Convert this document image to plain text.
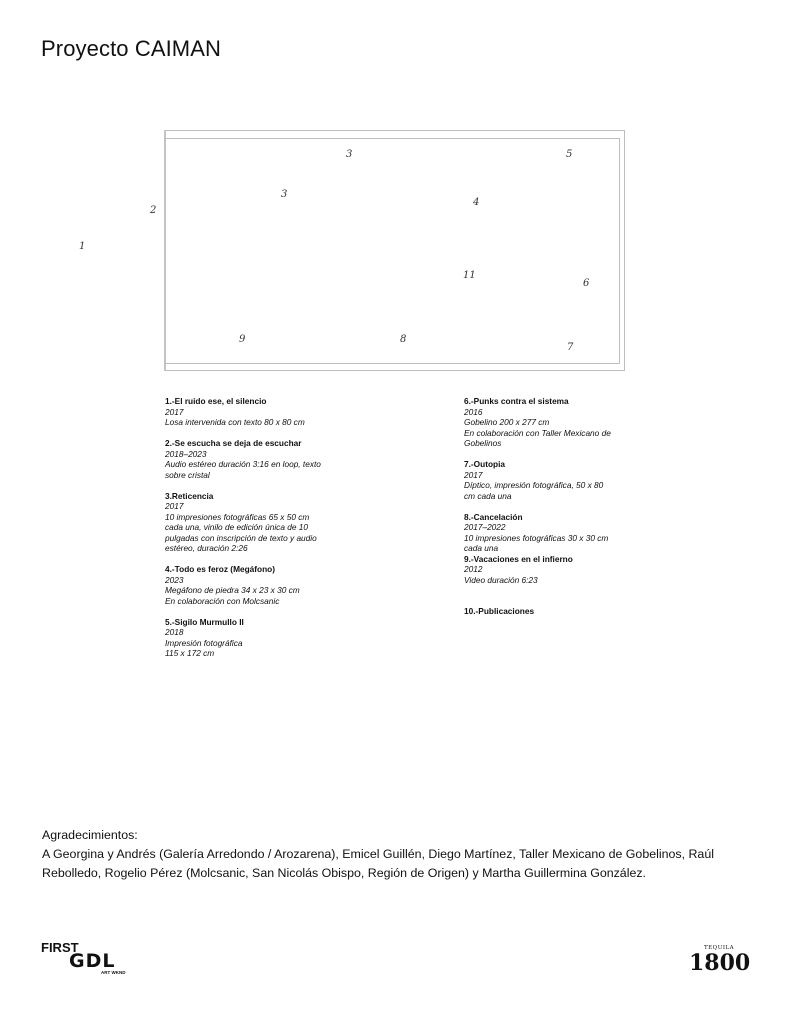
Proyecto CAIMAN
1
2
3
3
4
5
6
7
8
9
11
1.-El ruido ese, el silencio
2017
Losa intervenida con texto 80 x 80 cm
2.-Se escucha se deja de escuchar
2018–2023
Audio estéreo duración 3:16 en loop, texto
sobre cristal
3.Reticencia
2017
10 impresiones fotográficas 65 x 50 cm
cada una, vinilo de edición única de 10
pulgadas con inscripción de texto y audio
estéreo, duración 2:26
4.-Todo es feroz (Megáfono)
2023
Megáfono de piedra 34 x 23 x 30 cm
En colaboración con Molcsanic
5.-Sigilo Murmullo II
2018
Impresión fotográfica
115 x 172 cm
6.-Punks contra el sistema
2016
Gobelino 200 x 277 cm
En colaboración con Taller Mexicano de
Gobelinos
7.-Outopia
2017
Díptico, impresión fotográfica, 50 x 80
cm cada una
8.-Cancelación
2017–2022
10 impresiones fotográficas 30 x 30 cm
cada una
9.-Vacaciones en el infierno
2012
Video duración 6:23
10.-Publicaciones
Agradecimientos:
A Georgina y Andrés (Galería Arredondo / Arozarena), Emicel Guillén, Diego Martínez, Taller Mexicano de Gobelinos, Raúl
Rebolledo, Rogelio Pérez (Molcsanic, San Nicolás Obispo, Región de Origen) y Martha Guillermina González.
FIRST
GDL
ART WKND
TEQUILA
1800
